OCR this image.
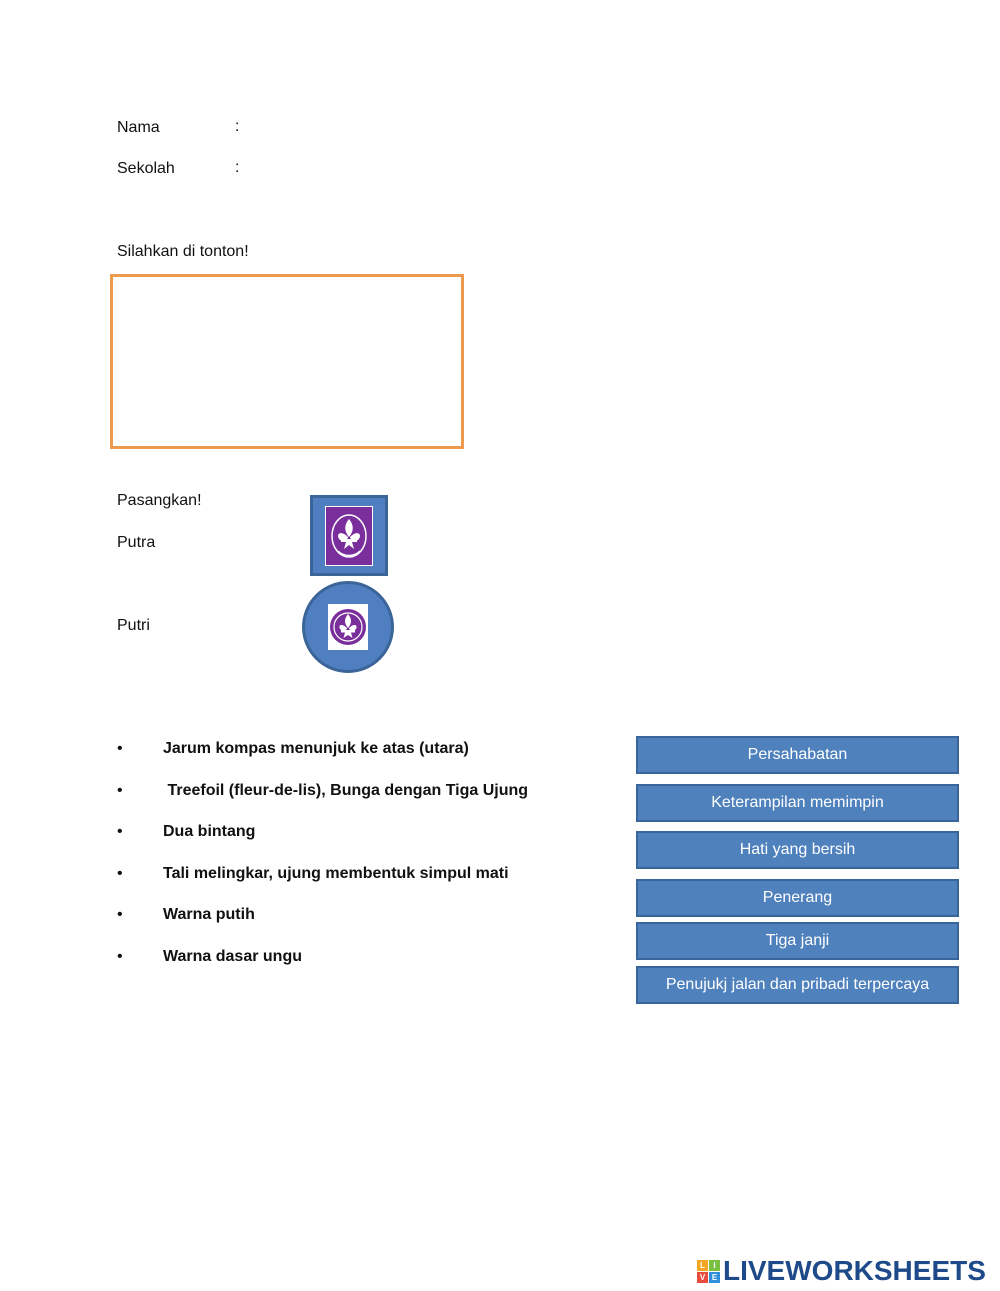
Nama	:
Sekolah	:
Silahkan di tonton!
Pasangkan!
Putra
Putri
•	Jarum kompas menunjuk ke atas (utara)
•	Treefoil (fleur-de-lis), Bunga dengan Tiga Ujung
•	Dua bintang
•	Tali melingkar, ujung membentuk simpul mati
•	Warna putih
•	Warna dasar ungu
Persahabatan
Keterampilan memimpin
Hati yang bersih
Penerang
Tiga janji
Penujukj jalan dan pribadi terpercaya
L	I
V E LIVEWORKSHEETS
